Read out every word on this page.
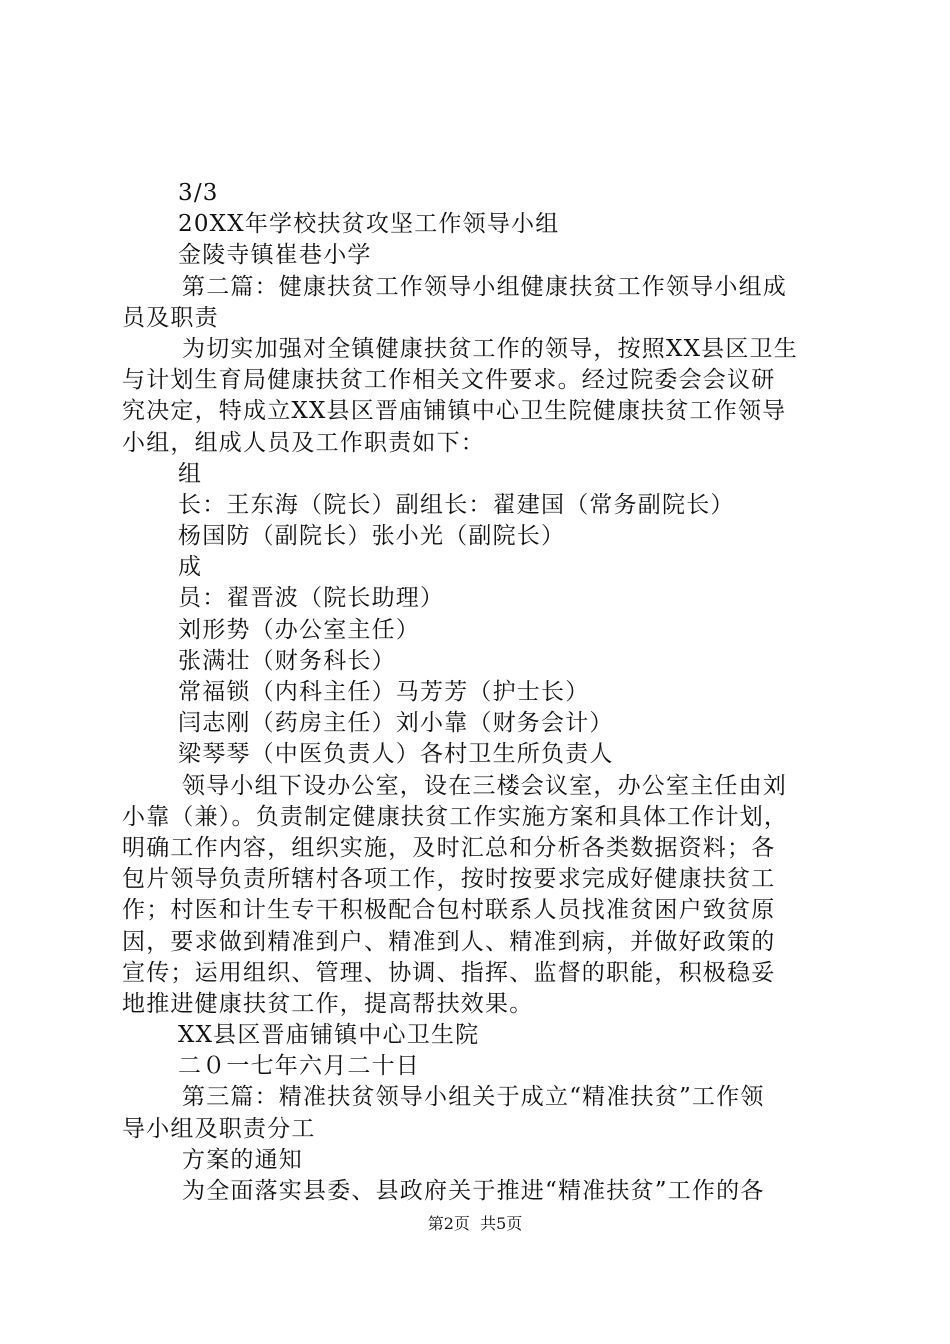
3/3
20XX年学校扶贫攻坚工作领导小组
金陵寺镇崔巷小学
第二篇：健康扶贫工作领导小组健康扶贫工作领导小组成
员及职责
为切实加强对全镇健康扶贫工作的领导，按照XX县区卫生
与计划生育局健康扶贫工作相关文件要求。经过院委会会议研
究决定，特成立XX县区晋庙铺镇中心卫生院健康扶贫工作领导
小组，组成人员及工作职责如下：
组
长：王东海（院长）副组长：翟建国（常务副院长）
杨国防（副院长）张小光（副院长）
成
员：翟晋波（院长助理）
刘形势（办公室主任）
张满壮（财务科长）
常福锁（内科主任）马芳芳（护士长）
闫志刚（药房主任）刘小靠（财务会计）
梁琴琴（中医负责人）各村卫生所负责人
领导小组下设办公室，设在三楼会议室，办公室主任由刘
小靠（兼）。负责制定健康扶贫工作实施方案和具体工作计划，
明确工作内容，组织实施，及时汇总和分析各类数据资料；各
包片领导负责所辖村各项工作，按时按要求完成好健康扶贫工
作；村医和计生专干积极配合包村联系人员找准贫困户致贫原
因，要求做到精准到户、精准到人、精准到病，并做好政策的
宣传；运用组织、管理、协调、指挥、监督的职能，积极稳妥
地推进健康扶贫工作，提高帮扶效果。
XX县区晋庙铺镇中心卫生院
二０一七年六月二十日
第三篇：精准扶贫领导小组关于成立“精准扶贫”工作领
导小组及职责分工
方案的通知
为全面落实县委、县政府关于推进“精准扶贫”工作的各
第2页  共5页
